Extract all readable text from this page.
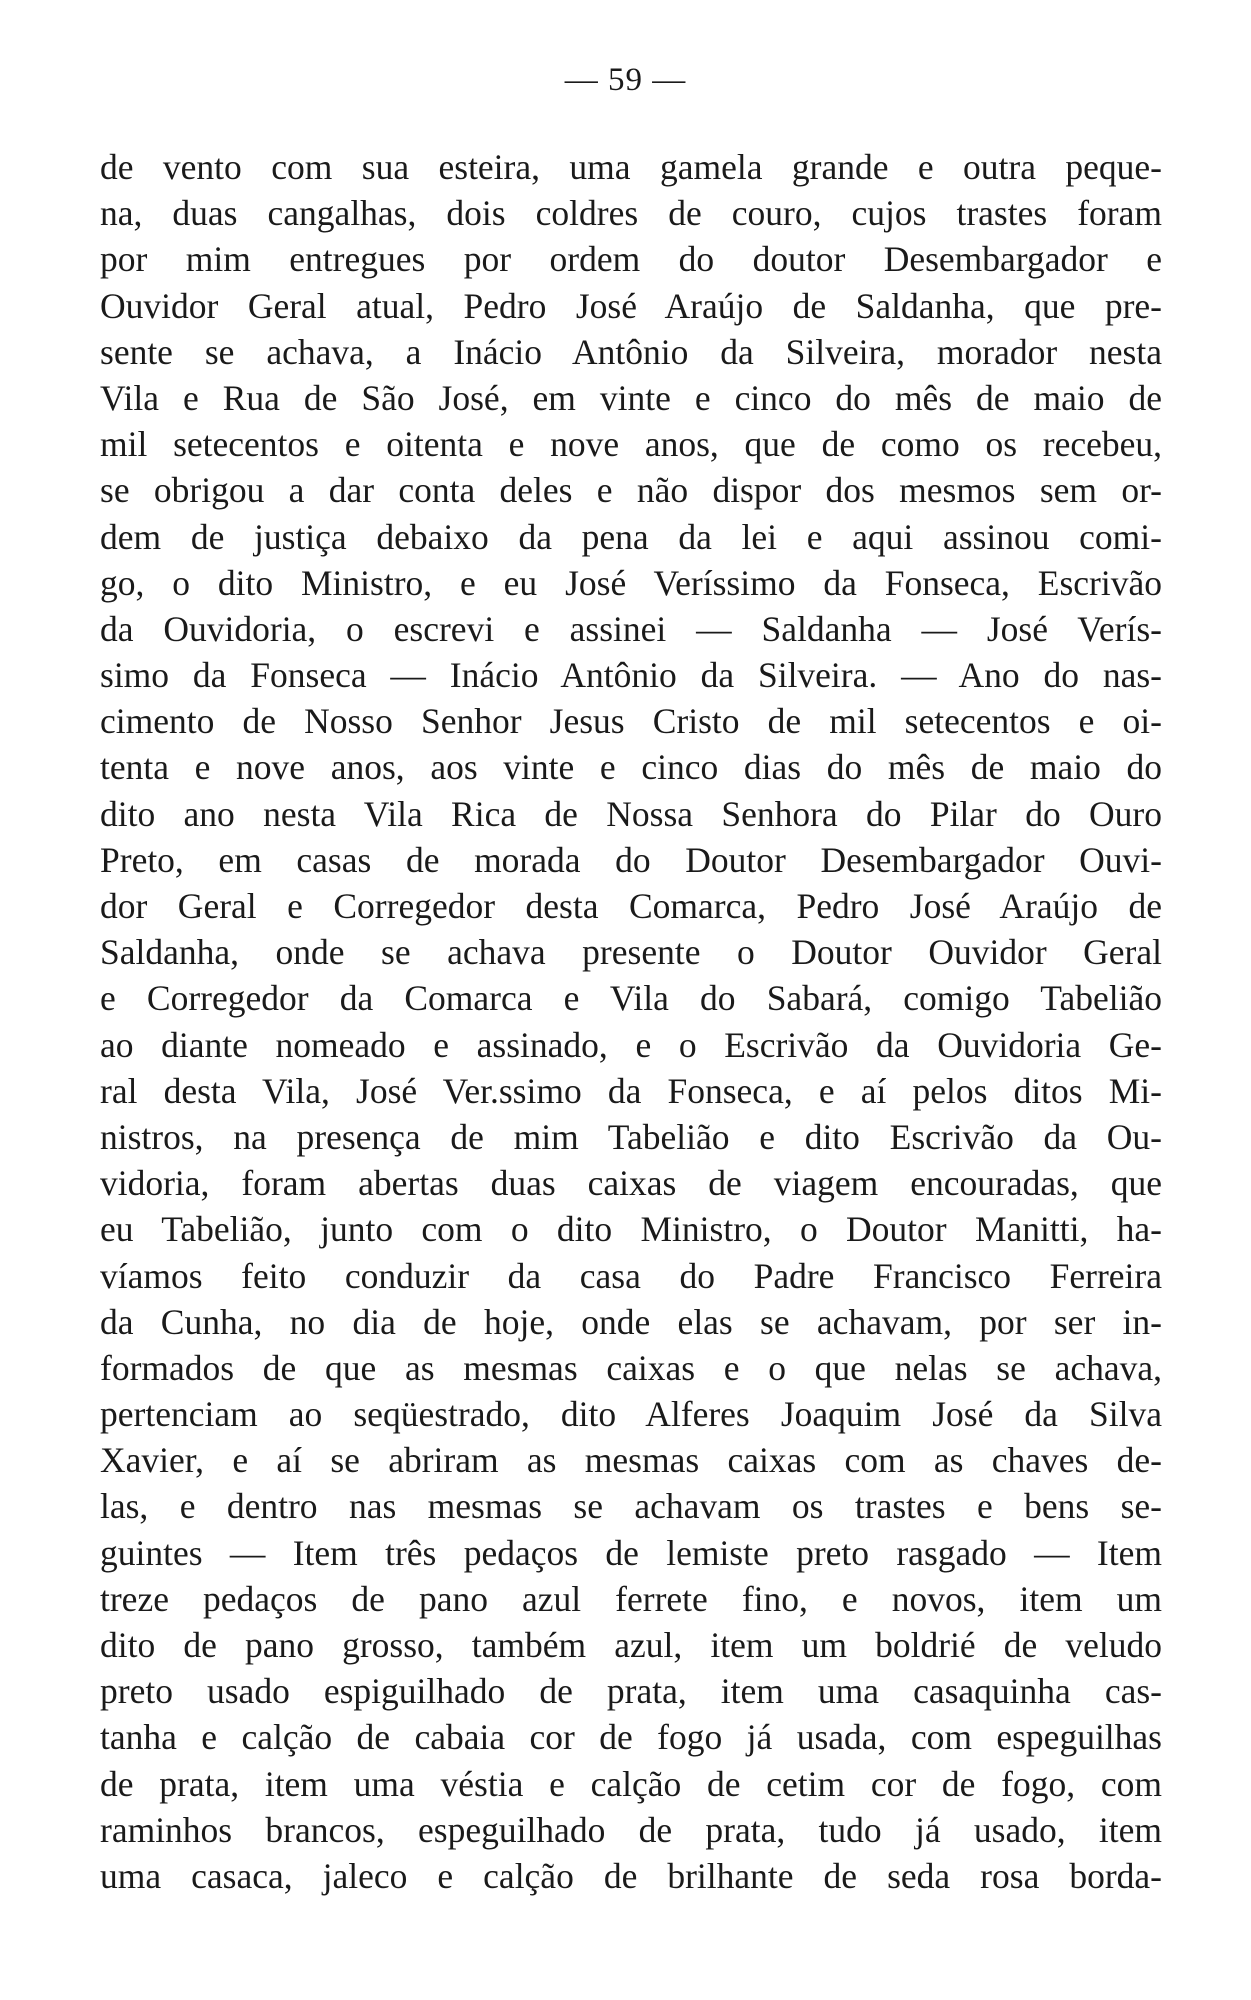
— 59 —
de vento com sua esteira, uma gamela grande e outra peque-
na, duas cangalhas, dois coldres de couro, cujos trastes foram
por mim entregues por ordem do doutor Desembargador e
Ouvidor Geral atual, Pedro José Araújo de Saldanha, que pre-
sente se achava, a Inácio Antônio da Silveira, morador nesta
Vila e Rua de São José, em vinte e cinco do mês de maio de
mil setecentos e oitenta e nove anos, que de como os recebeu,
se obrigou a dar conta deles e não dispor dos mesmos sem or-
dem de justiça debaixo da pena da lei e aqui assinou comi-
go, o dito Ministro, e eu José Veríssimo da Fonseca, Escrivão
da Ouvidoria, o escrevi e assinei — Saldanha — José Verís-
simo da Fonseca — Inácio Antônio da Silveira. — Ano do nas-
cimento de Nosso Senhor Jesus Cristo de mil setecentos e oi-
tenta e nove anos, aos vinte e cinco dias do mês de maio do
dito ano nesta Vila Rica de Nossa Senhora do Pilar do Ouro
Preto, em casas de morada do Doutor Desembargador Ouvi-
dor Geral e Corregedor desta Comarca, Pedro José Araújo de
Saldanha, onde se achava presente o Doutor Ouvidor Geral
e Corregedor da Comarca e Vila do Sabará, comigo Tabelião
ao diante nomeado e assinado, e o Escrivão da Ouvidoria Ge-
ral desta Vila, José Ver.ssimo da Fonseca, e aí pelos ditos Mi-
nistros, na presença de mim Tabelião e dito Escrivão da Ou-
vidoria, foram abertas duas caixas de viagem encouradas, que
eu Tabelião, junto com o dito Ministro, o Doutor Manitti, ha-
víamos feito conduzir da casa do Padre Francisco Ferreira
da Cunha, no dia de hoje, onde elas se achavam, por ser in-
formados de que as mesmas caixas e o que nelas se achava,
pertenciam ao seqüestrado, dito Alferes Joaquim José da Silva
Xavier, e aí se abriram as mesmas caixas com as chaves de-
las, e dentro nas mesmas se achavam os trastes e bens se-
guintes — Item três pedaços de lemiste preto rasgado — Item
treze pedaços de pano azul ferrete fino, e novos, item um
dito de pano grosso, também azul, item um boldrié de veludo
preto usado espiguilhado de prata, item uma casaquinha cas-
tanha e calção de cabaia cor de fogo já usada, com espeguilhas
de prata, item uma véstia e calção de cetim cor de fogo, com
raminhos brancos, espeguilhado de prata, tudo já usado, item
uma casaca, jaleco e calção de brilhante de seda rosa borda-
